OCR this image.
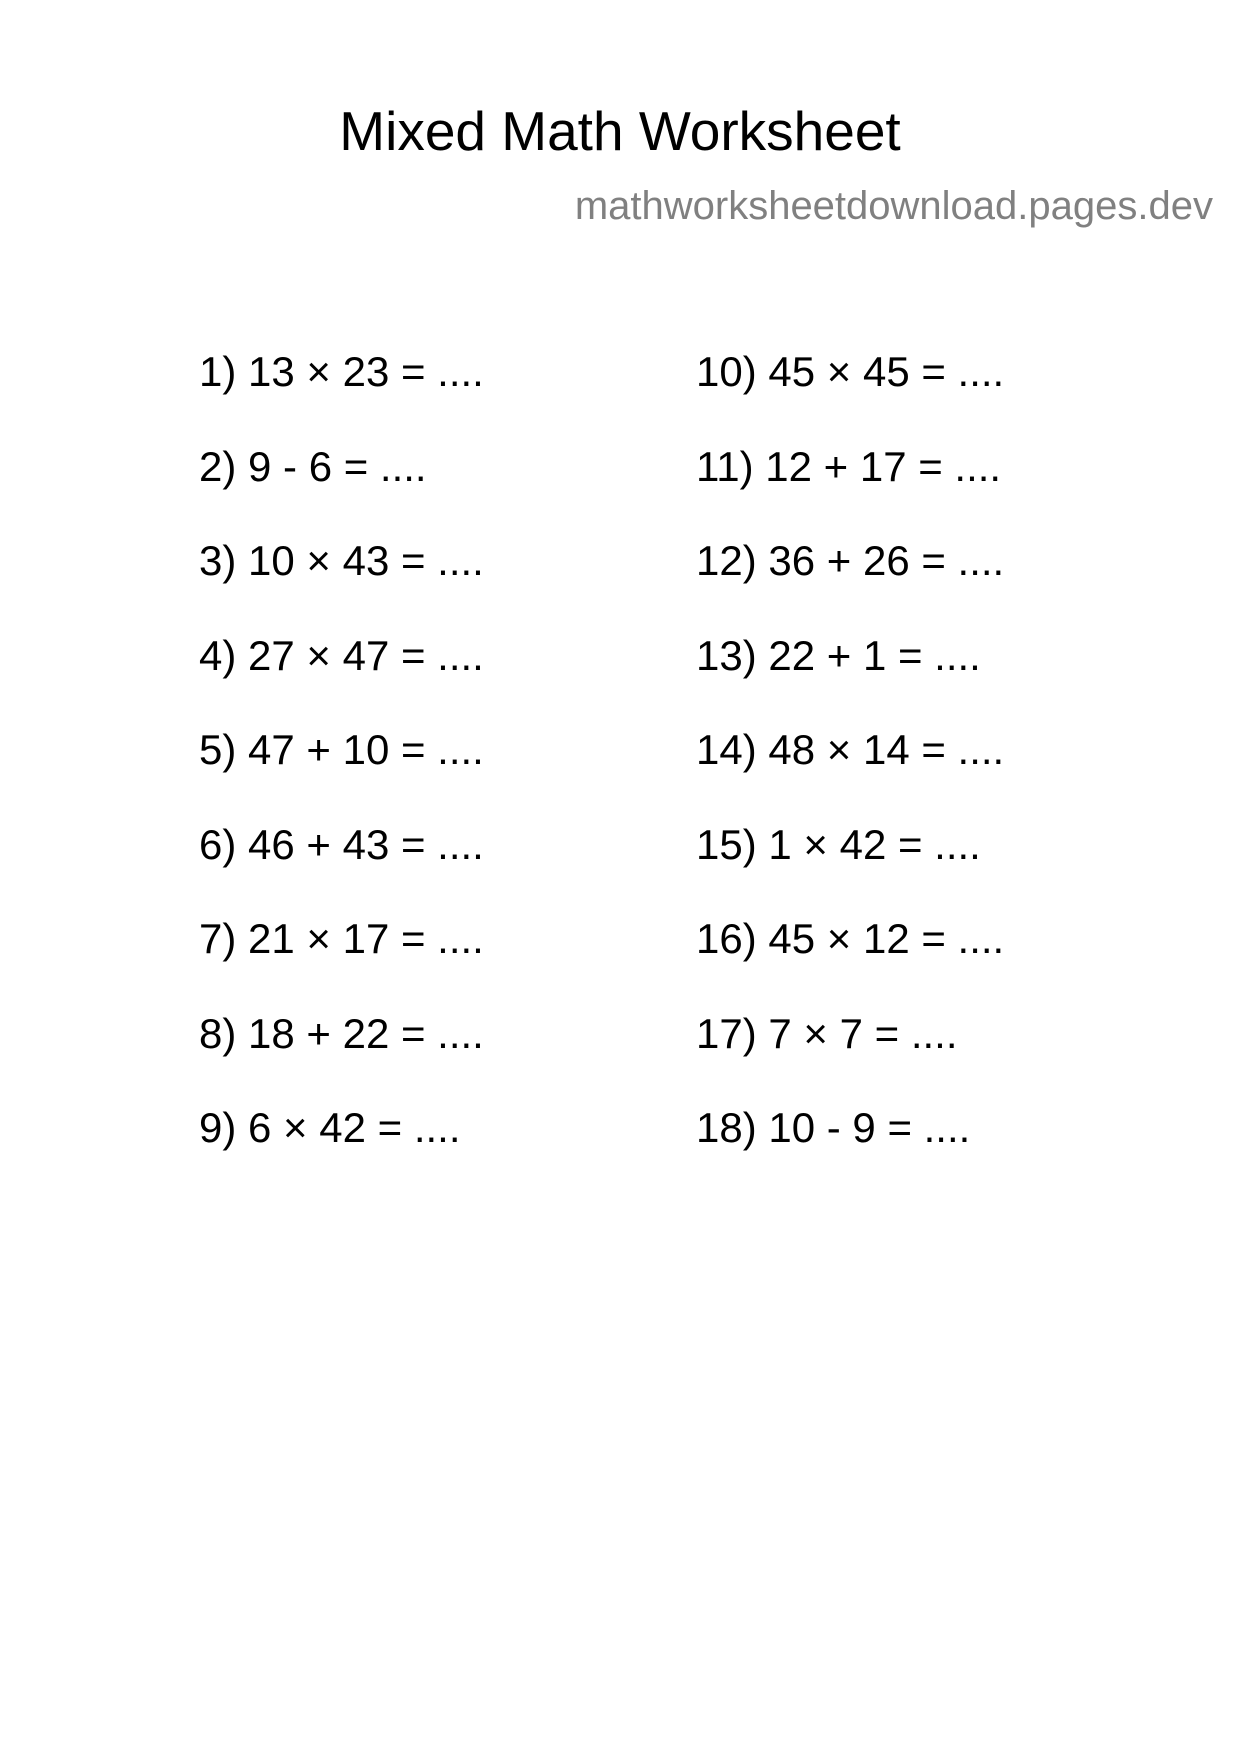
Mixed Math Worksheet
mathworksheetdownload.pages.dev
1) 13 × 23 = ....
2) 9 - 6 = ....
3) 10 × 43 = ....
4) 27 × 47 = ....
5) 47 + 10 = ....
6) 46 + 43 = ....
7) 21 × 17 = ....
8) 18 + 22 = ....
9) 6 × 42 = ....
10) 45 × 45 = ....
11) 12 + 17 = ....
12) 36 + 26 = ....
13) 22 + 1 = ....
14) 48 × 14 = ....
15) 1 × 42 = ....
16) 45 × 12 = ....
17) 7 × 7 = ....
18) 10 - 9 = ....
